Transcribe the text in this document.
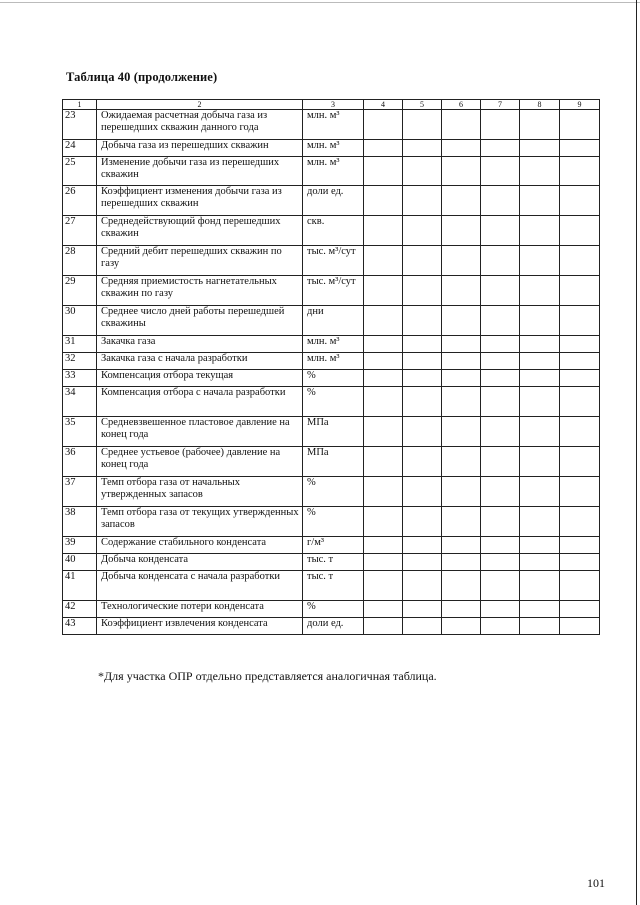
Таблица 40 (продолжение)
1	2	3	4	5	6	7	8	9
23	Ожидаемая расчетная добыча газа из перешедших скважин данного года	млн. м³						
24	Добыча газа из перешедших скважин	млн. м³						
25	Изменение добычи газа из перешедших скважин	млн. м³						
26	Коэффициент изменения добычи газа из перешедших скважин	доли ед.						
27	Среднедействующий фонд перешедших скважин	скв.						
28	Средний дебит перешедших скважин по газу	тыс. м³/сут						
29	Средняя приемистость нагнетательных скважин по газу	тыс. м³/сут						
30	Среднее число дней работы перешедшей скважины	дни						
31	Закачка газа	млн. м³						
32	Закачка газа с начала разработки	млн. м³						
33	Компенсация отбора текущая	%						
34	Компенсация отбора с начала разработки	%						
35	Средневзвешенное пластовое давление на конец года	МПа						
36	Среднее устьевое (рабочее) давление на конец года	МПа						
37	Темп отбора газа от начальных утвержденных запасов	%						
38	Темп отбора газа от текущих утвержденных запасов	%						
39	Содержание стабильного конденсата	г/м³						
40	Добыча конденсата	тыс. т						
41	Добыча конденсата с начала разработки	тыс. т						
42	Технологические потери конденсата	%						
43	Коэффициент извлечения конденсата	доли ед.						
*Для участка ОПР отдельно представляется аналогичная таблица.
101
